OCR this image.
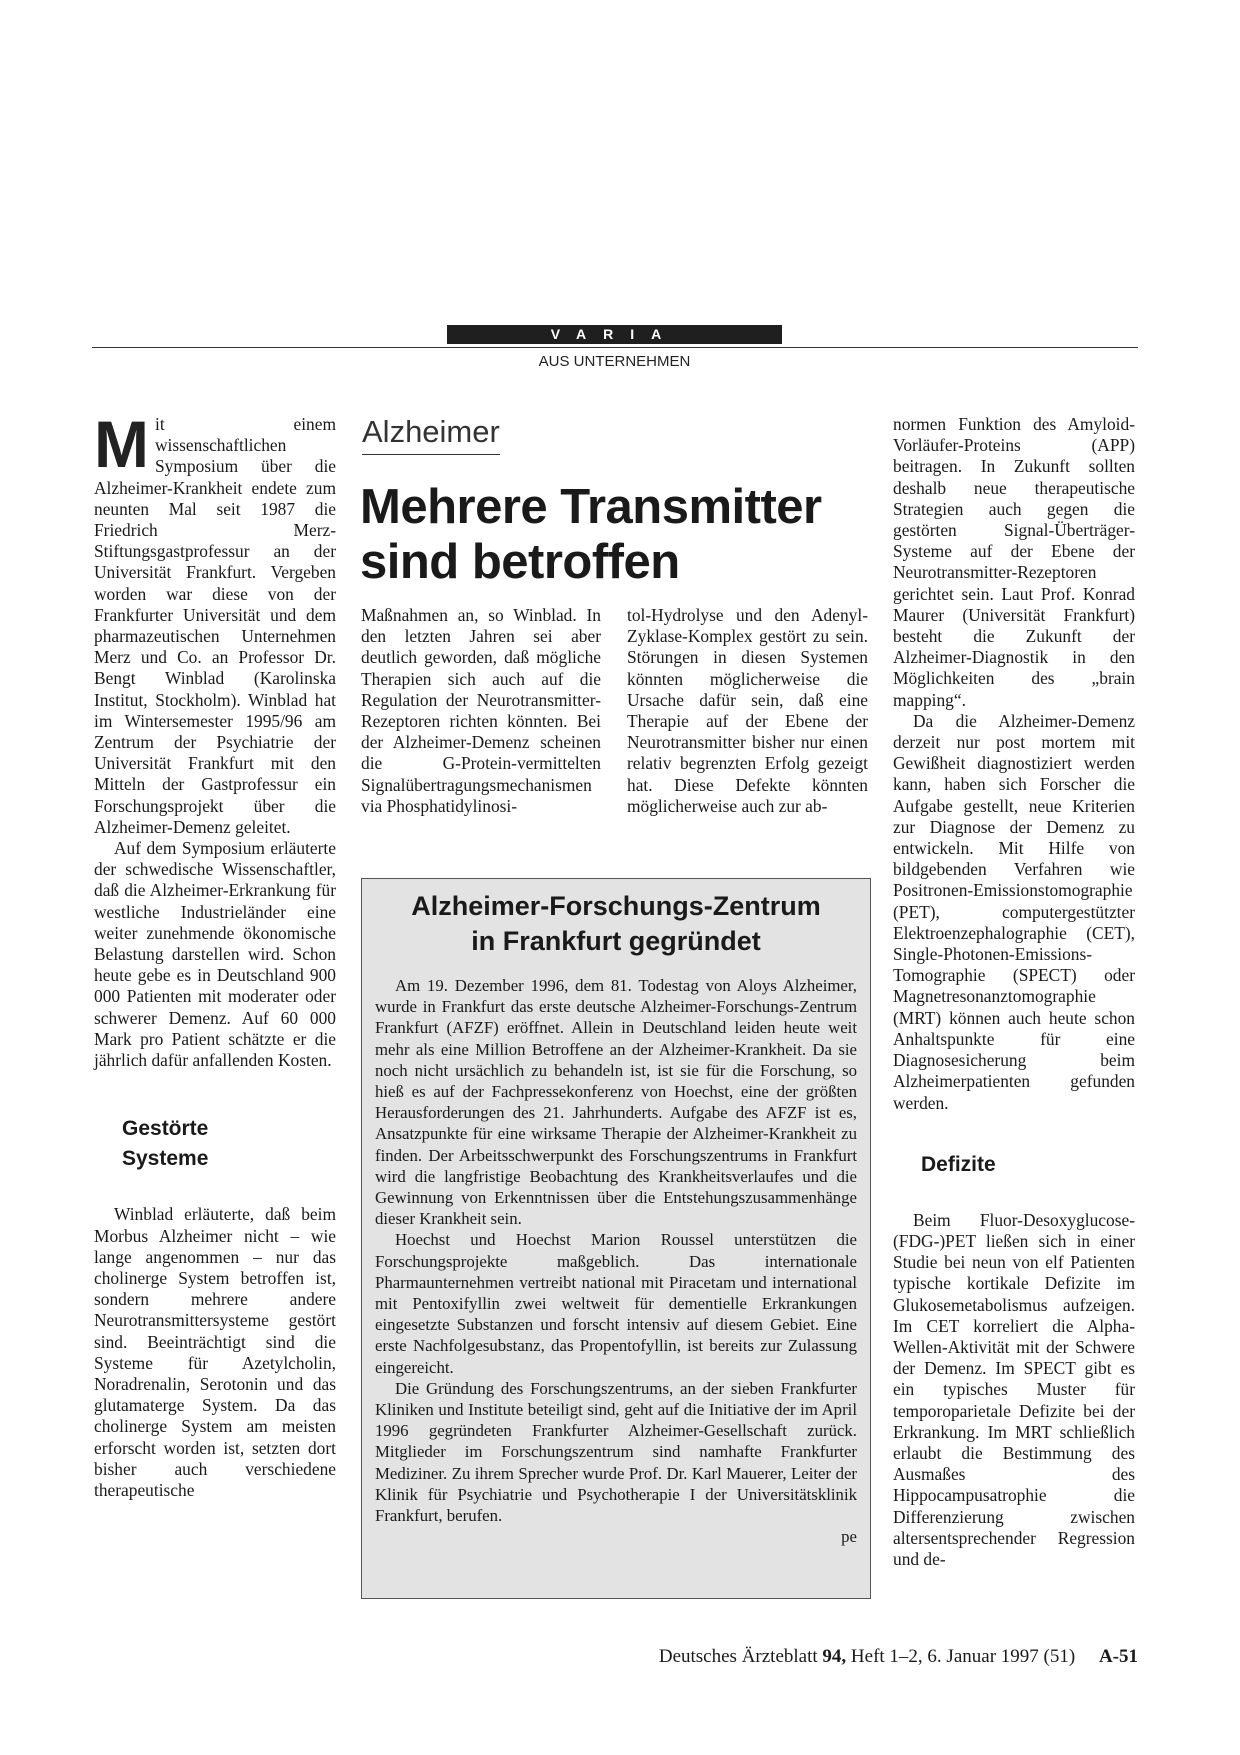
VARIA
AUS UNTERNEHMEN

Mit einem wissenschaftlichen Symposium über die Alzheimer-Krankheit endete zum neunten Mal seit 1987 die Friedrich Merz-Stiftungsgastprofessur an der Universität Frankfurt. Vergeben worden war diese von der Frankfurter Universität und dem pharmazeutischen Unternehmen Merz und Co. an Professor Dr. Bengt Winblad (Karolinska Institut, Stockholm). Winblad hat im Wintersemester 1995/96 am Zentrum der Psychiatrie der Universität Frankfurt mit den Mitteln der Gastprofessur ein Forschungsprojekt über die Alzheimer-Demenz geleitet.

Auf dem Symposium erläuterte der schwedische Wissenschaftler, daß die Alzheimer-Erkrankung für westliche Industrieländer eine weiter zunehmende ökonomische Belastung darstellen wird. Schon heute gebe es in Deutschland 900 000 Patienten mit moderater oder schwerer Demenz. Auf 60 000 Mark pro Patient schätzte er die jährlich dafür anfallenden Kosten.

Gestörte
Systeme

Winblad erläuterte, daß beim Morbus Alzheimer nicht – wie lange angenommen – nur das cholinerge System betroffen ist, sondern mehrere andere Neurotransmittersysteme gestört sind. Beeinträchtigt sind die Systeme für Azetylcholin, Noradrenalin, Serotonin und das glutamaterge System. Da das cholinerge System am meisten erforscht worden ist, setzten dort bisher auch verschiedene therapeutische

Alzheimer
Mehrere Transmitter
sind betroffen

Maßnahmen an, so Winblad. In den letzten Jahren sei aber deutlich geworden, daß mögliche Therapien sich auch auf die Regulation der Neurotransmitter-Rezeptoren richten könnten. Bei der Alzheimer-Demenz scheinen die G-Protein-vermittelten Signalübertragungsmechanismen via Phosphatidylinosi-

tol-Hydrolyse und den Adenyl-Zyklase-Komplex gestört zu sein. Störungen in diesen Systemen könnten möglicherweise die Ursache dafür sein, daß eine Therapie auf der Ebene der Neurotransmitter bisher nur einen relativ begrenzten Erfolg gezeigt hat. Diese Defekte könnten möglicherweise auch zur ab-

normen Funktion des Amyloid-Vorläufer-Proteins (APP) beitragen. In Zukunft sollten deshalb neue therapeutische Strategien auch gegen die gestörten Signal-Überträger-Systeme auf der Ebene der Neurotransmitter-Rezeptoren gerichtet sein. Laut Prof. Konrad Maurer (Universität Frankfurt) besteht die Zukunft der Alzheimer-Diagnostik in den Möglichkeiten des „brain mapping“.

Da die Alzheimer-Demenz derzeit nur post mortem mit Gewißheit diagnostiziert werden kann, haben sich Forscher die Aufgabe gestellt, neue Kriterien zur Diagnose der Demenz zu entwickeln. Mit Hilfe von bildgebenden Verfahren wie Positronen-Emissionstomographie (PET), computergestützter Elektroenzephalographie (CET), Single-Photonen-Emissions-Tomographie (SPECT) oder Magnetresonanztomographie (MRT) können auch heute schon Anhaltspunkte für eine Diagnosesicherung beim Alzheimerpatienten gefunden werden.

Defizite

Beim Fluor-Desoxyglucose-(FDG-)PET ließen sich in einer Studie bei neun von elf Patienten typische kortikale Defizite im Glukosemetabolismus aufzeigen. Im CET korreliert die Alpha-Wellen-Aktivität mit der Schwere der Demenz. Im SPECT gibt es ein typisches Muster für temporoparietale Defizite bei der Erkrankung. Im MRT schließlich erlaubt die Bestimmung des Ausmaßes des Hippocampusatrophie die Differenzierung zwischen altersentsprechender Regression und de-

Alzheimer-Forschungs-Zentrum
in Frankfurt gegründet

Am 19. Dezember 1996, dem 81. Todestag von Aloys Alzheimer, wurde in Frankfurt das erste deutsche Alzheimer-Forschungs-Zentrum Frankfurt (AFZF) eröffnet. Allein in Deutschland leiden heute weit mehr als eine Million Betroffene an der Alzheimer-Krankheit. Da sie noch nicht ursächlich zu behandeln ist, ist sie für die Forschung, so hieß es auf der Fachpressekonferenz von Hoechst, eine der größten Herausforderungen des 21. Jahrhunderts. Aufgabe des AFZF ist es, Ansatzpunkte für eine wirksame Therapie der Alzheimer-Krankheit zu finden. Der Arbeitsschwerpunkt des Forschungszentrums in Frankfurt wird die langfristige Beobachtung des Krankheitsverlaufes und die Gewinnung von Erkenntnissen über die Entstehungszusammenhänge dieser Krankheit sein.

Hoechst und Hoechst Marion Roussel unterstützen die Forschungsprojekte maßgeblich. Das internationale Pharmaunternehmen vertreibt national mit Piracetam und international mit Pentoxifyllin zwei weltweit für dementielle Erkrankungen eingesetzte Substanzen und forscht intensiv auf diesem Gebiet. Eine erste Nachfolgesubstanz, das Propentofyllin, ist bereits zur Zulassung eingereicht.

Die Gründung des Forschungszentrums, an der sieben Frankfurter Kliniken und Institute beteiligt sind, geht auf die Initiative der im April 1996 gegründeten Frankfurter Alzheimer-Gesellschaft zurück. Mitglieder im Forschungszentrum sind namhafte Frankfurter Mediziner. Zu ihrem Sprecher wurde Prof. Dr. Karl Mauerer, Leiter der Klinik für Psychiatrie und Psychotherapie I der Universitätsklinik Frankfurt, berufen.

pe
Deutsches Ärzteblatt 94, Heft 1–2, 6. Januar 1997 (51) A-51
